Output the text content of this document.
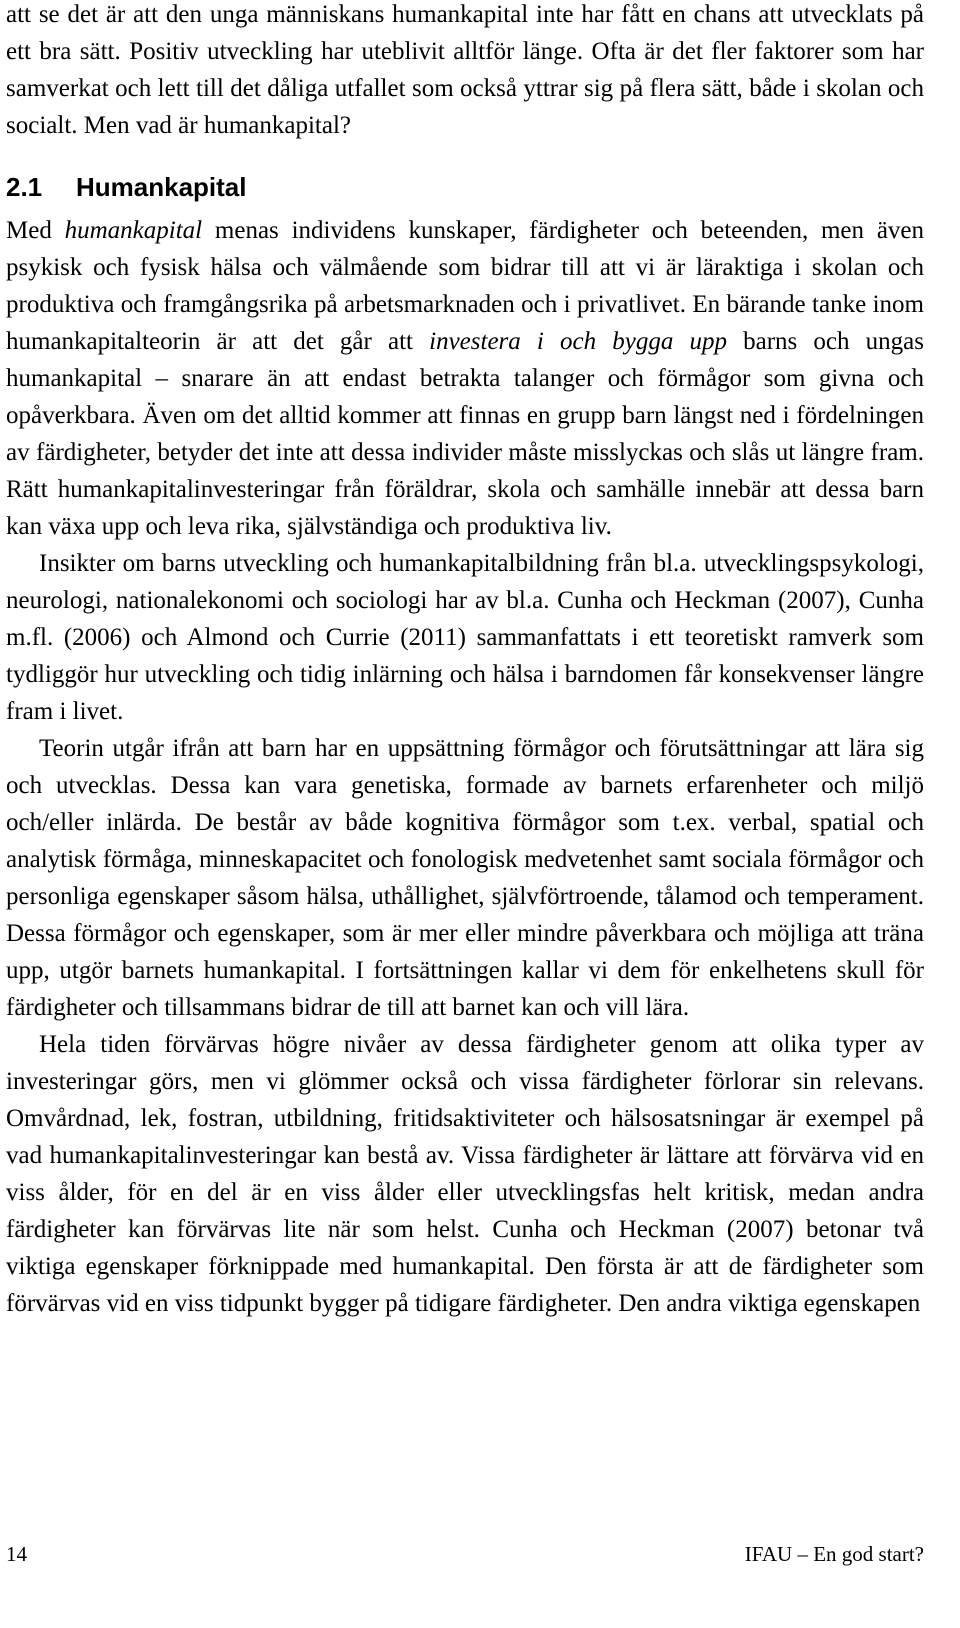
att se det är att den unga människans humankapital inte har fått en chans att utvecklats på ett bra sätt. Positiv utveckling har uteblivit alltför länge. Ofta är det fler faktorer som har samverkat och lett till det dåliga utfallet som också yttrar sig på flera sätt, både i skolan och socialt. Men vad är humankapital?

2.1 Humankapital

Med humankapital menas individens kunskaper, färdigheter och beteenden, men även psykisk och fysisk hälsa och välmående som bidrar till att vi är läraktiga i skolan och produktiva och framgångsrika på arbetsmarknaden och i privatlivet. En bärande tanke inom humankapitalteorin är att det går att investera i och bygga upp barns och ungas humankapital – snarare än att endast betrakta talanger och förmågor som givna och opåverkbara. Även om det alltid kommer att finnas en grupp barn längst ned i fördelningen av färdigheter, betyder det inte att dessa individer måste misslyckas och slås ut längre fram. Rätt humankapitalinvesteringar från föräldrar, skola och samhälle innebär att dessa barn kan växa upp och leva rika, självständiga och produktiva liv.

Insikter om barns utveckling och humankapitalbildning från bl.a. utvecklingspsykologi, neurologi, nationalekonomi och sociologi har av bl.a. Cunha och Heckman (2007), Cunha m.fl. (2006) och Almond och Currie (2011) sammanfattats i ett teoretiskt ramverk som tydliggör hur utveckling och tidig inlärning och hälsa i barndomen får konsekvenser längre fram i livet.

Teorin utgår ifrån att barn har en uppsättning förmågor och förutsättningar att lära sig och utvecklas. Dessa kan vara genetiska, formade av barnets erfarenheter och miljö och/eller inlärda. De består av både kognitiva förmågor som t.ex. verbal, spatial och analytisk förmåga, minneskapacitet och fonologisk medvetenhet samt sociala förmågor och personliga egenskaper såsom hälsa, uthållighet, självförtroende, tålamod och temperament. Dessa förmågor och egenskaper, som är mer eller mindre påverkbara och möjliga att träna upp, utgör barnets humankapital. I fortsättningen kallar vi dem för enkelhetens skull för färdigheter och tillsammans bidrar de till att barnet kan och vill lära.

Hela tiden förvärvas högre nivåer av dessa färdigheter genom att olika typer av investeringar görs, men vi glömmer också och vissa färdigheter förlorar sin relevans. Omvårdnad, lek, fostran, utbildning, fritidsaktiviteter och hälsosatsningar är exempel på vad humankapitalinvesteringar kan bestå av. Vissa färdigheter är lättare att förvärva vid en viss ålder, för en del är en viss ålder eller utvecklingsfas helt kritisk, medan andra färdigheter kan förvärvas lite när som helst. Cunha och Heckman (2007) betonar två viktiga egenskaper förknippade med humankapital. Den första är att de färdigheter som förvärvas vid en viss tidpunkt bygger på tidigare färdigheter. Den andra viktiga egenskapen

14	IFAU – En god start?
